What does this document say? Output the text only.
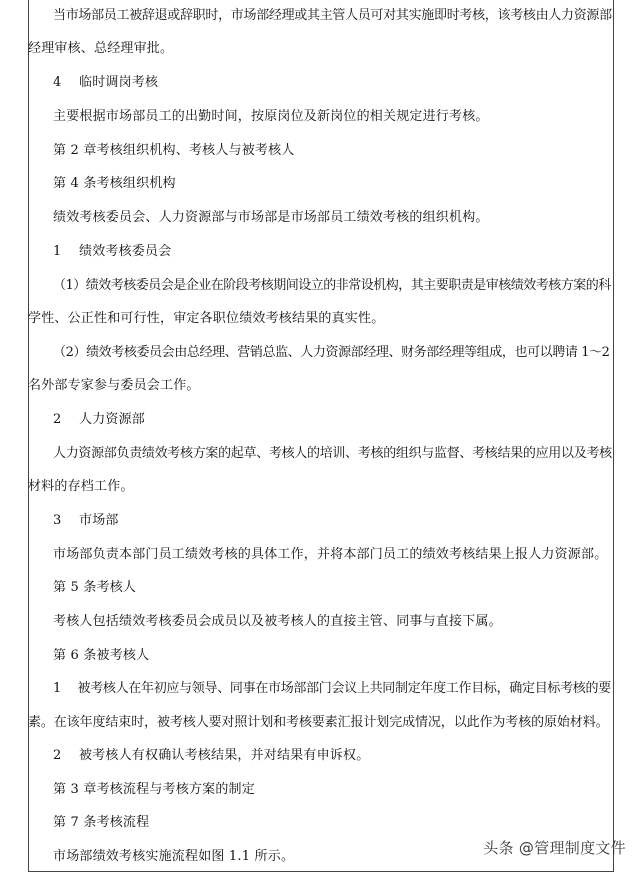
当市场部员工被辞退或辞职时，市场部经理或其主管人员可对其实施即时考核，该考核由人力资源部
经理审核、总经理审批。
4　 临时调岗考核
主要根据市场部员工的出勤时间，按原岗位及新岗位的相关规定进行考核。
第 2 章考核组织机构、考核人与被考核人
第 4 条考核组织机构
绩效考核委员会、人力资源部与市场部是市场部员工绩效考核的组织机构。
1　 绩效考核委员会
（1）绩效考核委员会是企业在阶段考核期间设立的非常设机构，其主要职责是审核绩效考核方案的科
学性、公正性和可行性，审定各职位绩效考核结果的真实性。
（2）绩效考核委员会由总经理、营销总监、人力资源部经理、财务部经理等组成，也可以聘请 1～2
名外部专家参与委员会工作。
2　 人力资源部
人力资源部负责绩效考核方案的起草、考核人的培训、考核的组织与监督、考核结果的应用以及考核
材料的存档工作。
3　 市场部
市场部负责本部门员工绩效考核的具体工作，并将本部门员工的绩效考核结果上报人力资源部。
第 5 条考核人
考核人包括绩效考核委员会成员以及被考核人的直接主管、同事与直接下属。
第 6 条被考核人
1　 被考核人在年初应与领导、同事在市场部部门会议上共同制定年度工作目标，确定目标考核的要
素。在该年度结束时，被考核人要对照计划和考核要素汇报计划完成情况，以此作为考核的原始材料。
2　 被考核人有权确认考核结果，并对结果有申诉权。
第 3 章考核流程与考核方案的制定
第 7 条考核流程
市场部绩效考核实施流程如图 1.1 所示。	头条 @管理制度文件
